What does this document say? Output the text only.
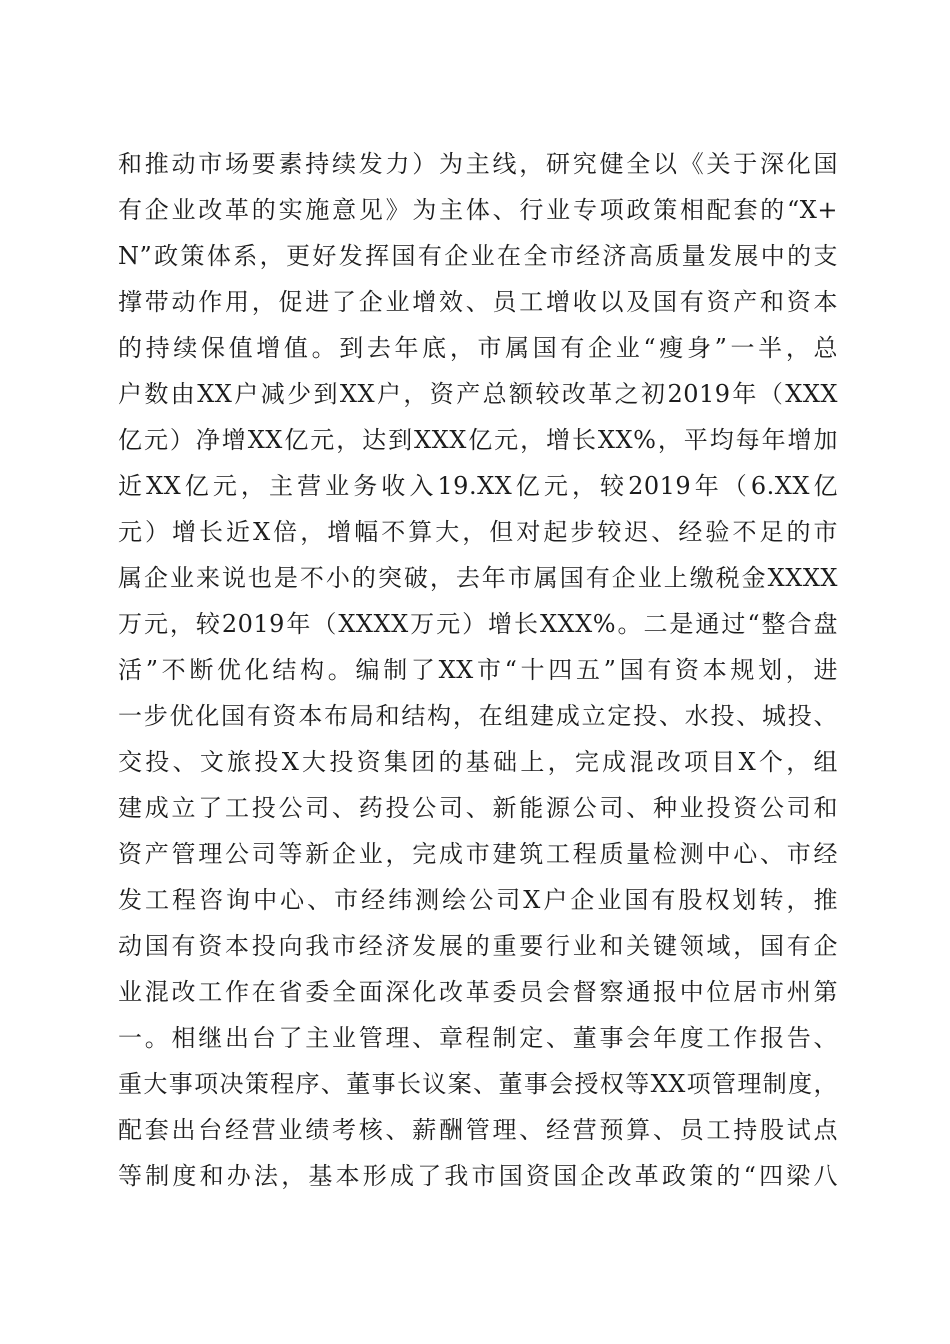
和推动市场要素持续发力）为主线，研究健全以《关于深化国
有企业改革的实施意见》为主体、行业专项政策相配套的“X+
N”政策体系，更好发挥国有企业在全市经济高质量发展中的支
撑带动作用，促进了企业增效、员工增收以及国有资产和资本
的持续保值增值。到去年底，市属国有企业“瘦身”一半，总
户数由XX户减少到XX户，资产总额较改革之初2019年（XXX
亿元）净增XX亿元，达到XXX亿元，增长XX%，平均每年增加
近XX亿元，主营业务收入19.XX亿元，较2019年（6.XX亿
元）增长近X倍，增幅不算大，但对起步较迟、经验不足的市
属企业来说也是不小的突破，去年市属国有企业上缴税金XXXX
万元，较2019年（XXXX万元）增长XXX%。二是通过“整合盘
活”不断优化结构。编制了XX市“十四五”国有资本规划，进
一步优化国有资本布局和结构，在组建成立定投、水投、城投、
交投、文旅投X大投资集团的基础上，完成混改项目X个，组
建成立了工投公司、药投公司、新能源公司、种业投资公司和
资产管理公司等新企业，完成市建筑工程质量检测中心、市经
发工程咨询中心、市经纬测绘公司X户企业国有股权划转，推
动国有资本投向我市经济发展的重要行业和关键领域，国有企
业混改工作在省委全面深化改革委员会督察通报中位居市州第
一。相继出台了主业管理、章程制定、董事会年度工作报告、
重大事项决策程序、董事长议案、董事会授权等XX项管理制度，
配套出台经营业绩考核、薪酬管理、经营预算、员工持股试点
等制度和办法，基本形成了我市国资国企改革政策的“四梁八
